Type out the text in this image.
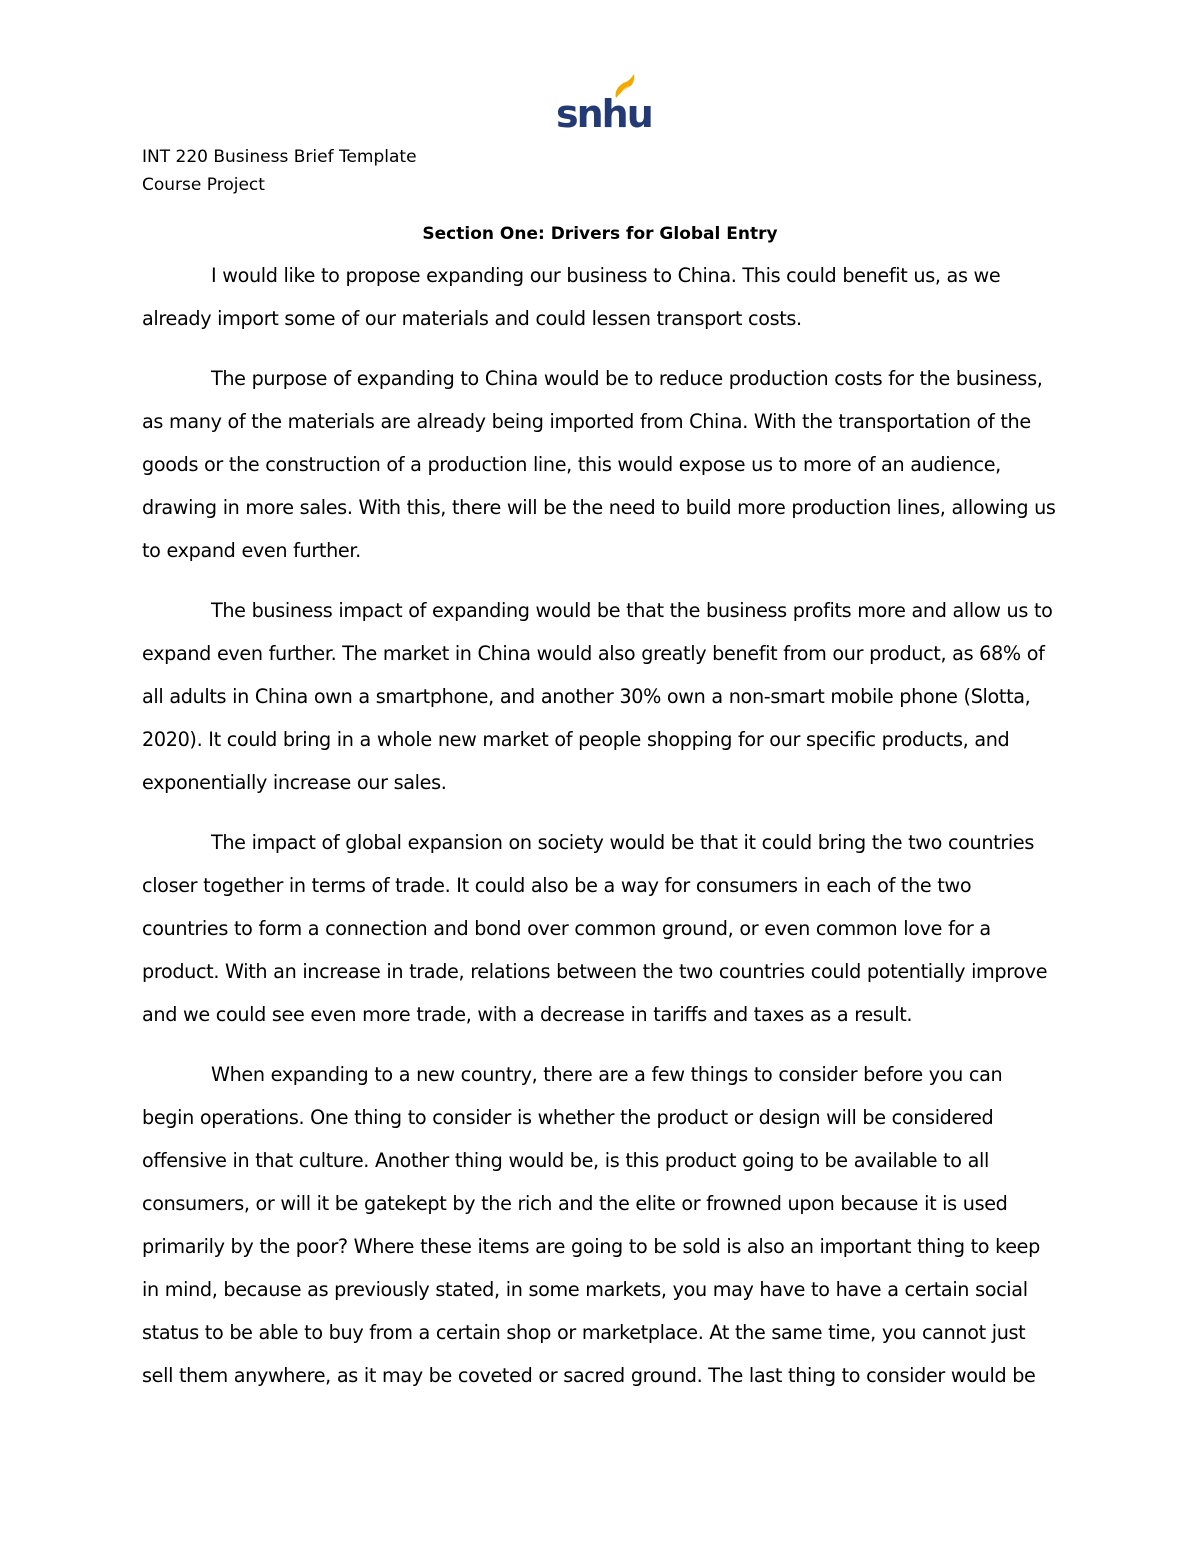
snhu
INT 220 Business Brief Template
Course Project
Section One: Drivers for Global Entry

I would like to propose expanding our business to China. This could benefit us, as we already import some of our materials and could lessen transport costs.

The purpose of expanding to China would be to reduce production costs for the business, as many of the materials are already being imported from China. With the transportation of the goods or the construction of a production line, this would expose us to more of an audience, drawing in more sales. With this, there will be the need to build more production lines, allowing us to expand even further.

The business impact of expanding would be that the business profits more and allow us to expand even further. The market in China would also greatly benefit from our product, as 68% of all adults in China own a smartphone, and another 30% own a non-smart mobile phone (Slotta, 2020). It could bring in a whole new market of people shopping for our specific products, and exponentially increase our sales.

The impact of global expansion on society would be that it could bring the two countries closer together in terms of trade. It could also be a way for consumers in each of the two countries to form a connection and bond over common ground, or even common love for a product. With an increase in trade, relations between the two countries could potentially improve and we could see even more trade, with a decrease in tariffs and taxes as a result.

When expanding to a new country, there are a few things to consider before you can begin operations. One thing to consider is whether the product or design will be considered offensive in that culture. Another thing would be, is this product going to be available to all consumers, or will it be gatekept by the rich and the elite or frowned upon because it is used primarily by the poor? Where these items are going to be sold is also an important thing to keep in mind, because as previously stated, in some markets, you may have to have a certain social status to be able to buy from a certain shop or marketplace. At the same time, you cannot just sell them anywhere, as it may be coveted or sacred ground. The last thing to consider would be
